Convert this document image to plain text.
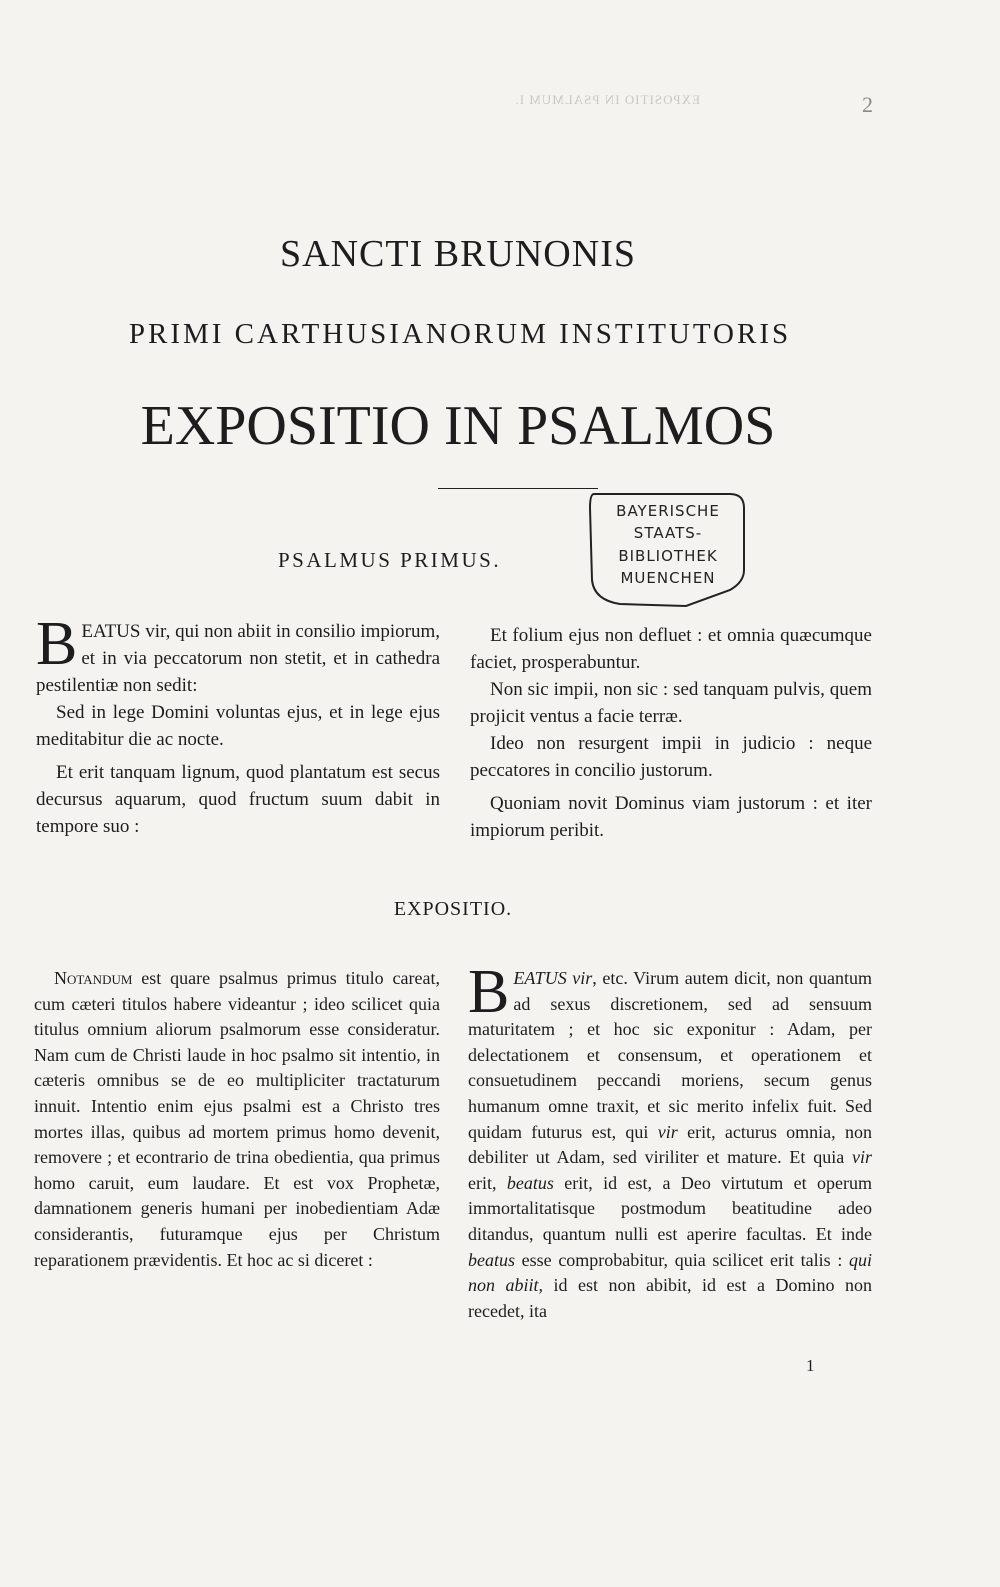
EXPOSITIO IN PSALMUM I.	2
SANCTI BRUNONIS
PRIMI CARTHUSIANORUM INSTITUTORIS
EXPOSITIO IN PSALMOS
PSALMUS PRIMUS.
BAYERISCHE
STAATS-
BIBLIOTHEK
MUENCHEN

BEATUS vir, qui non abiit in consilio impiorum, et in via peccatorum non stetit, et in cathedra pestilentiæ non sedit:

Sed in lege Domini voluntas ejus, et in lege ejus meditabitur die ac nocte.

Et erit tanquam lignum, quod plantatum est secus decursus aquarum, quod fructum suum dabit in tempore suo :

Et folium ejus non defluet : et omnia quæcumque faciet, prosperabuntur.

Non sic impii, non sic : sed tanquam pulvis, quem projicit ventus a facie terræ.

Ideo non resurgent impii in judicio : neque peccatores in concilio justorum.

Quoniam novit Dominus viam justorum : et iter impiorum peribit.

EXPOSITIO.

Notandum est quare psalmus primus titulo careat, cum cæteri titulos habere videantur ; ideo scilicet quia titulus omnium aliorum psalmorum esse consideratur. Nam cum de Christi laude in hoc psalmo sit intentio, in cæteris omnibus se de eo multipliciter tractaturum innuit. Intentio enim ejus psalmi est a Christo tres mortes illas, quibus ad mortem primus homo devenit, removere ; et econtrario de trina obedientia, qua primus homo caruit, eum laudare. Et est vox Prophetæ, damnationem generis humani per inobedientiam Adæ considerantis, futuramque ejus per Christum reparationem prævidentis. Et hoc ac si diceret :

BEATUS vir, etc. Virum autem dicit, non quantum ad sexus discretionem, sed ad sensuum maturitatem ; et hoc sic exponitur : Adam, per delectationem et consensum, et operationem et consuetudinem peccandi moriens, secum genus humanum omne traxit, et sic merito infelix fuit. Sed quidam futurus est, qui vir erit, acturus omnia, non debiliter ut Adam, sed viriliter et mature. Et quia vir erit, beatus erit, id est, a Deo virtutum et operum immortalitatisque postmodum beatitudine adeo ditandus, quantum nulli est aperire facultas. Et inde beatus esse comprobabitur, quia scilicet erit talis : qui non abiit, id est non abibit, id est a Domino non recedet, ita

1
